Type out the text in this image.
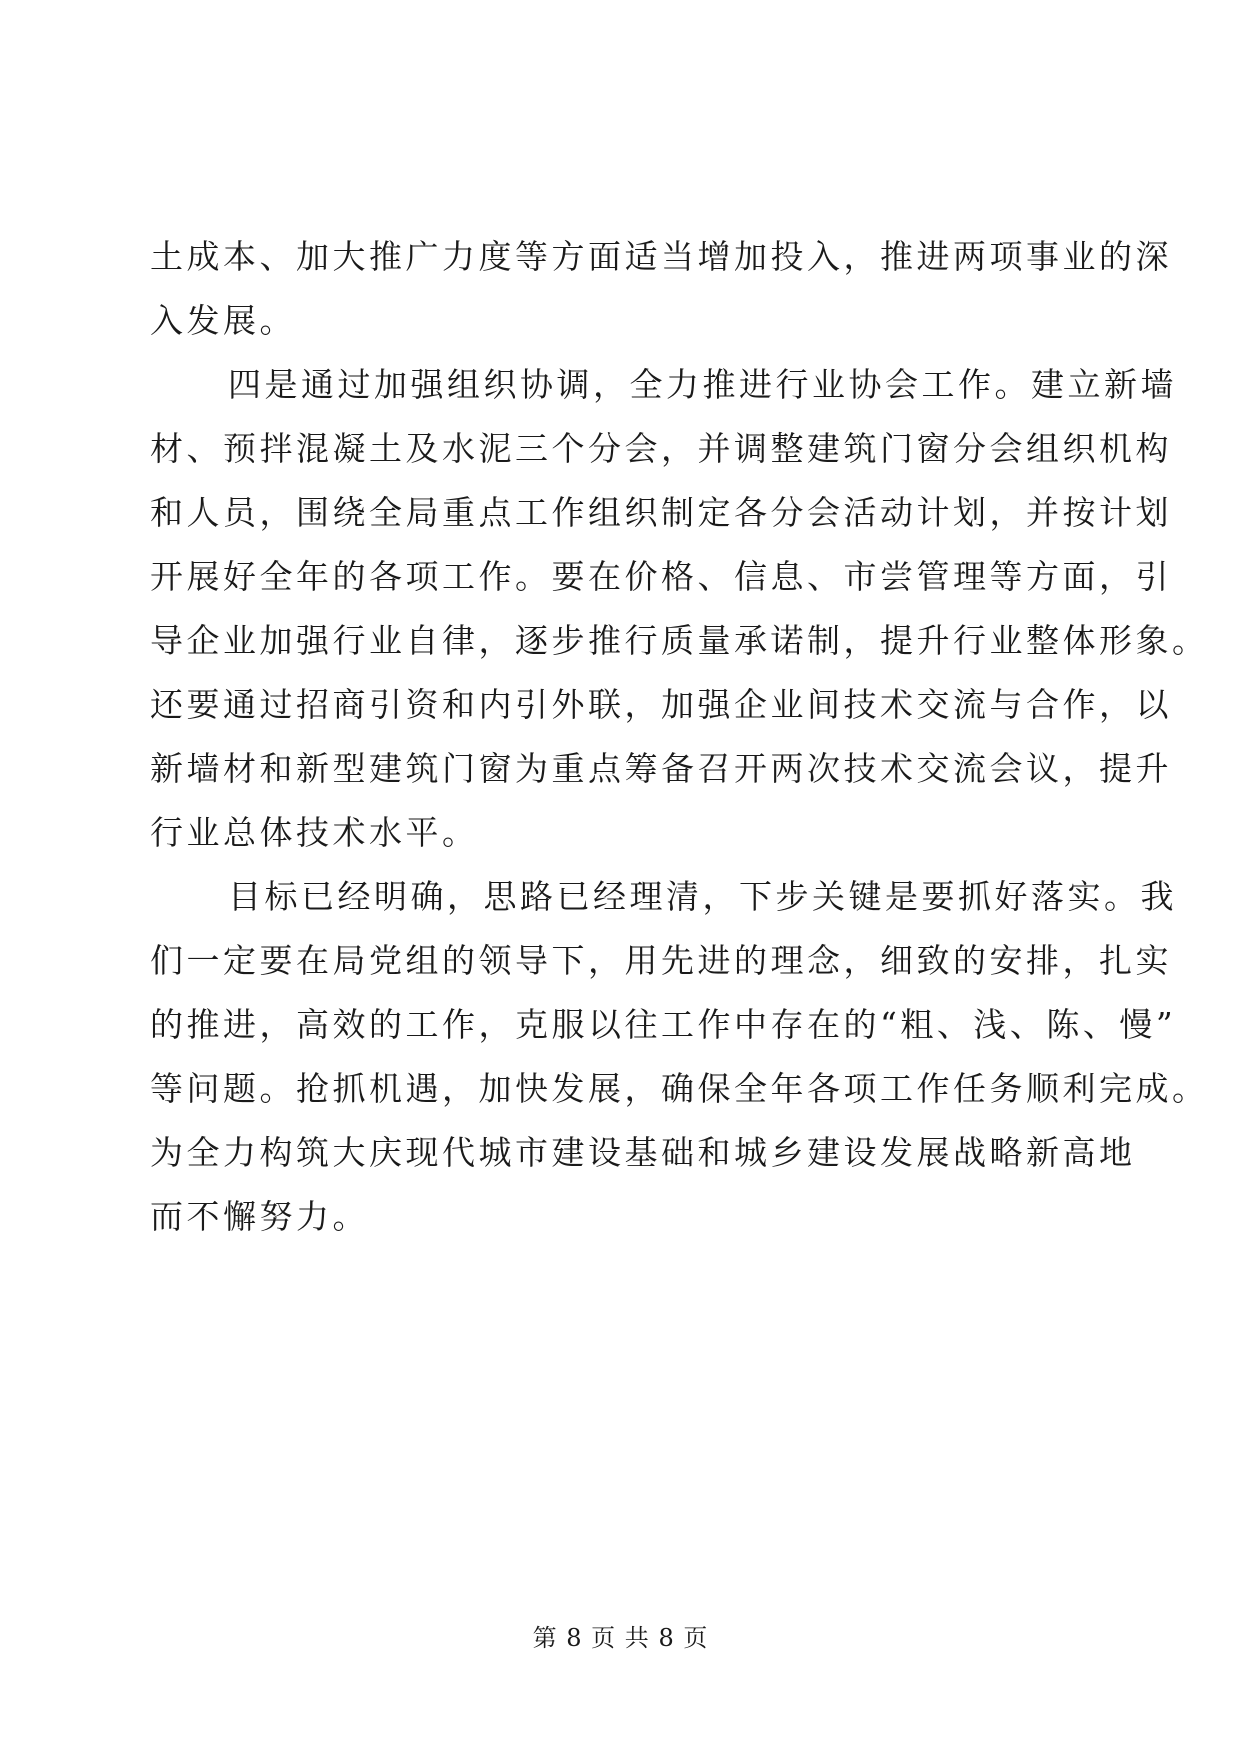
土成本、加大推广力度等方面适当增加投入，推进两项事业的深
入发展。
四是通过加强组织协调，全力推进行业协会工作。建立新墙
材、预拌混凝土及水泥三个分会，并调整建筑门窗分会组织机构
和人员，围绕全局重点工作组织制定各分会活动计划，并按计划
开展好全年的各项工作。要在价格、信息、市尝管理等方面，引
导企业加强行业自律，逐步推行质量承诺制，提升行业整体形象。
还要通过招商引资和内引外联，加强企业间技术交流与合作，以
新墙材和新型建筑门窗为重点筹备召开两次技术交流会议，提升
行业总体技术水平。
目标已经明确，思路已经理清，下步关键是要抓好落实。我
们一定要在局党组的领导下，用先进的理念，细致的安排，扎实
的推进，高效的工作，克服以往工作中存在的“粗、浅、陈、慢”
等问题。抢抓机遇，加快发展，确保全年各项工作任务顺利完成。
为全力构筑大庆现代城市建设基础和城乡建设发展战略新高地
而不懈努力。
第 8 页 共 8 页
